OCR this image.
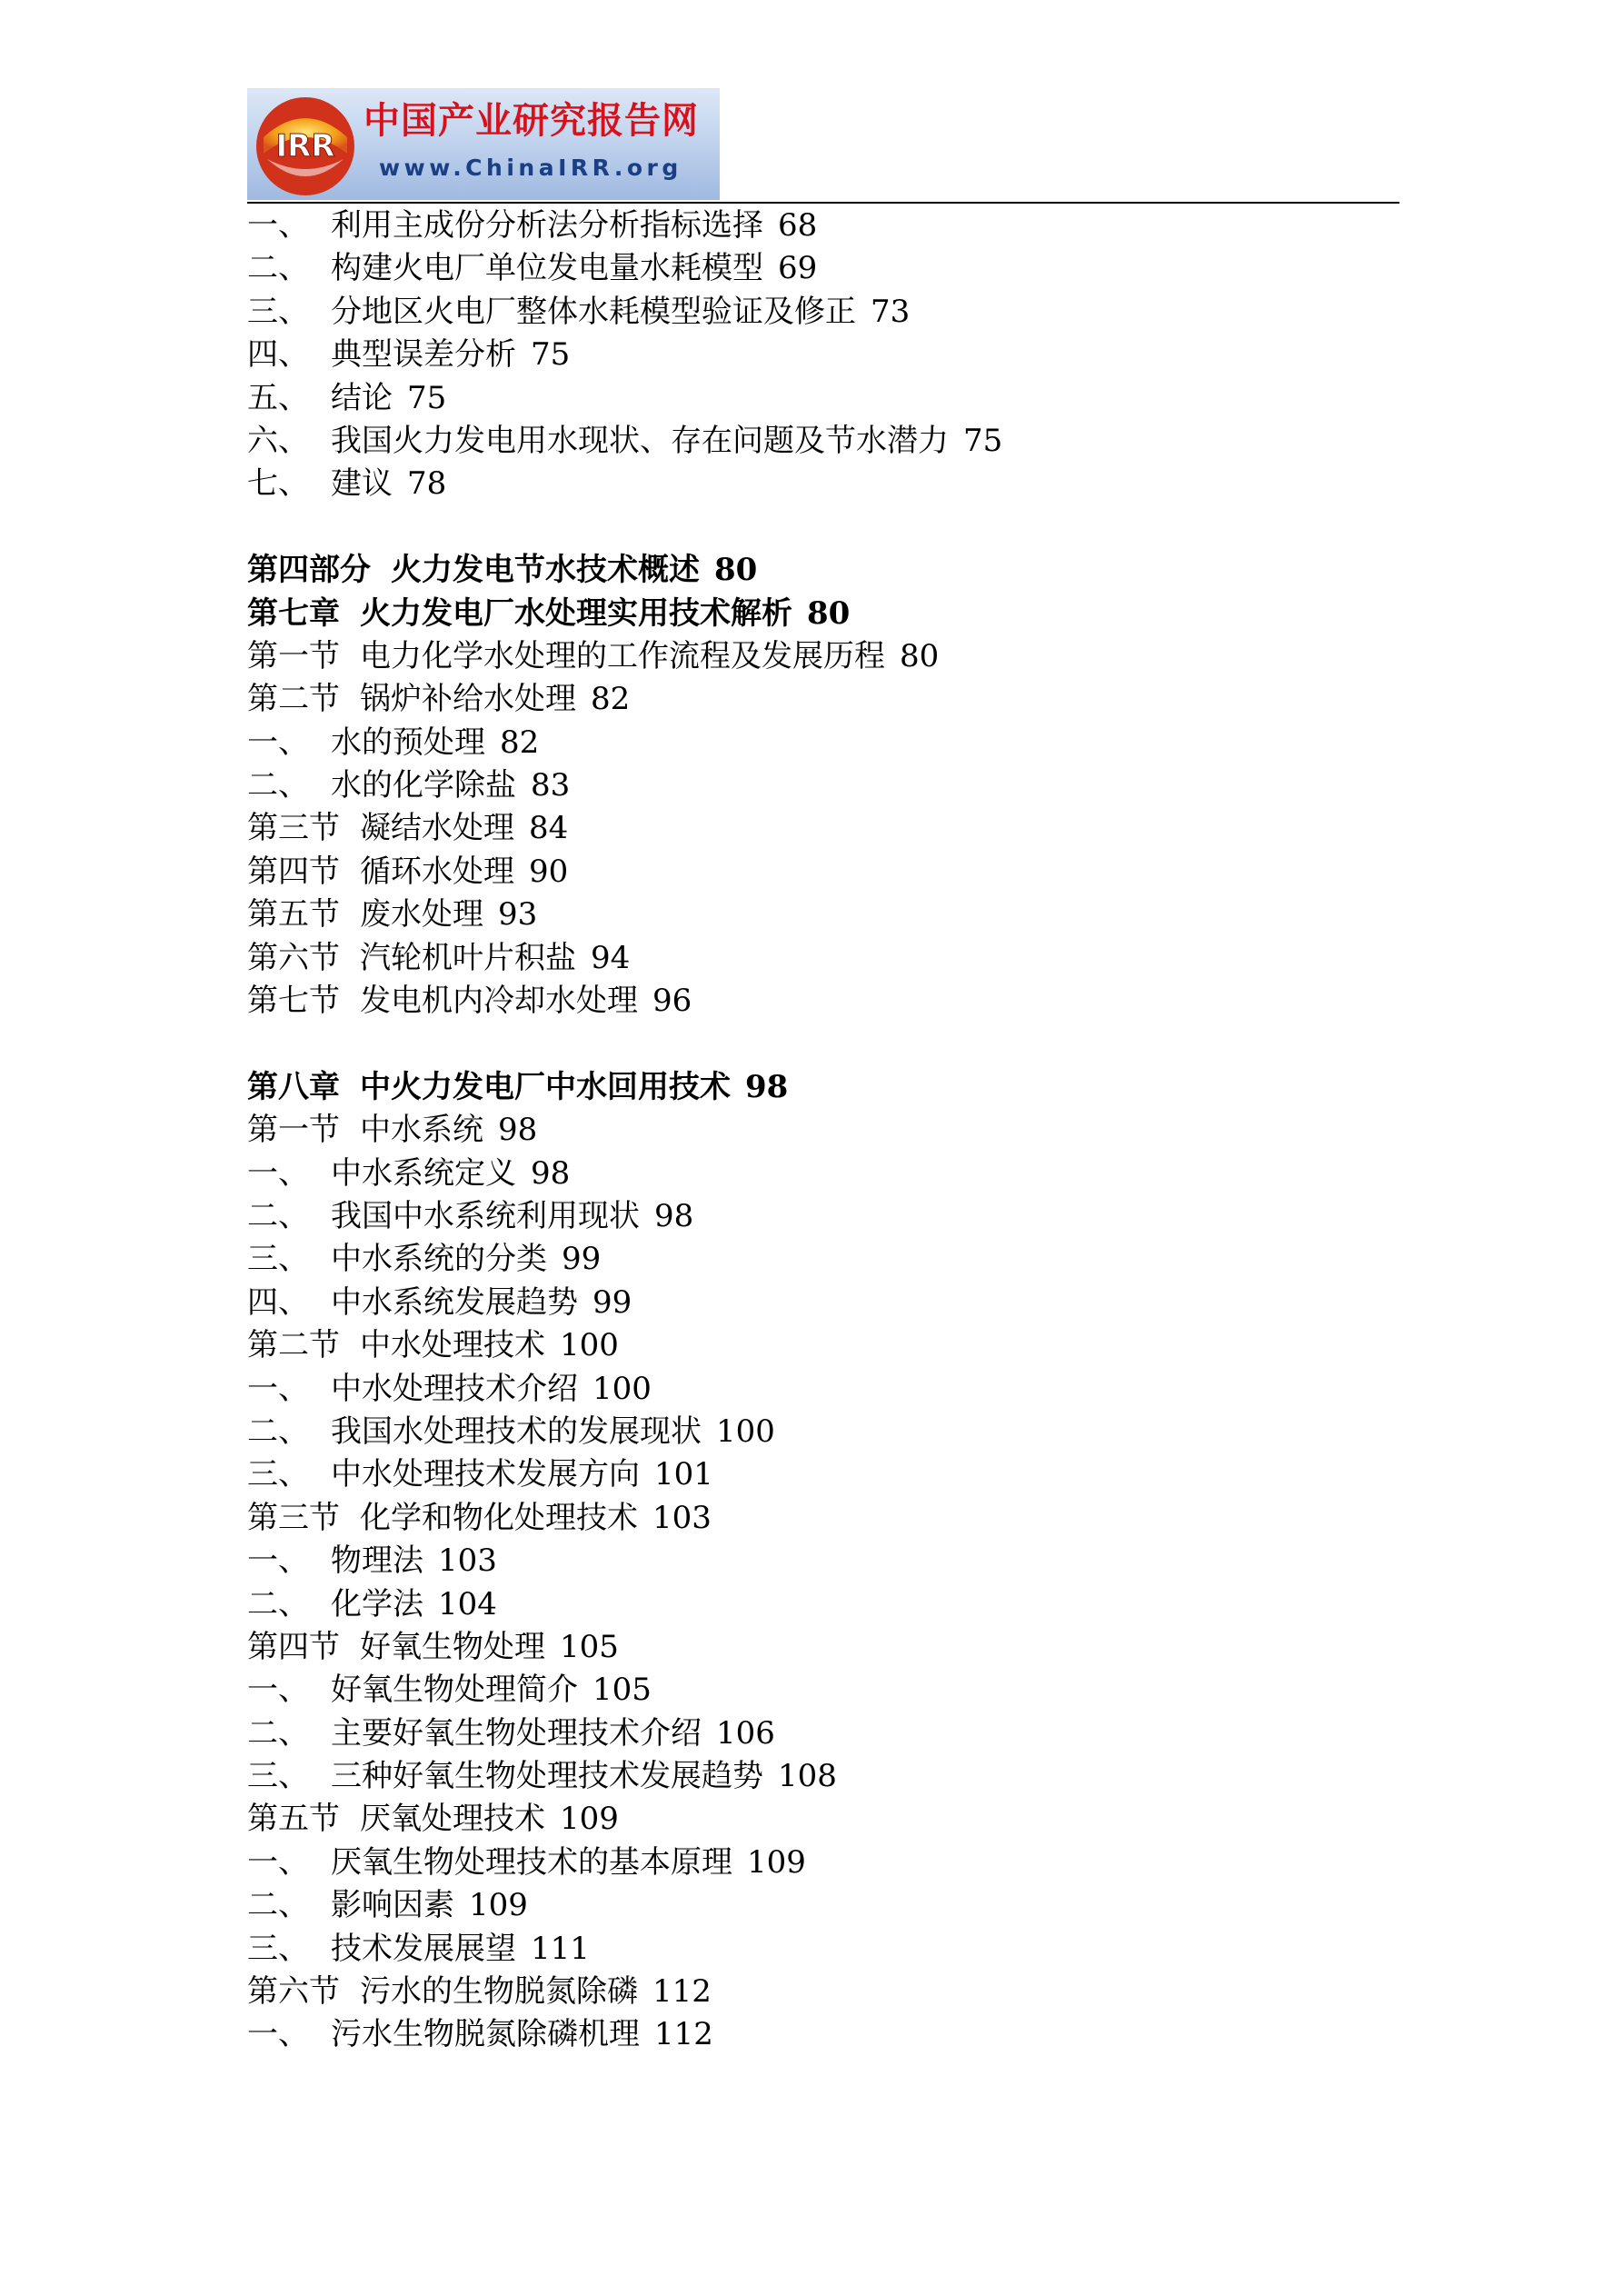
IRR
中国产业研究报告网
www.ChinaIRR.org
一、 利用主成份分析法分析指标选择 68
二、 构建火电厂单位发电量水耗模型 69
三、 分地区火电厂整体水耗模型验证及修正 73
四、 典型误差分析 75
五、 结论 75
六、 我国火力发电用水现状、存在问题及节水潜力 75
七、 建议 78
第四部分 火力发电节水技术概述 80
第七章 火力发电厂水处理实用技术解析 80
第一节 电力化学水处理的工作流程及发展历程 80
第二节 锅炉补给水处理 82
一、 水的预处理 82
二、 水的化学除盐 83
第三节 凝结水处理 84
第四节 循环水处理 90
第五节 废水处理 93
第六节 汽轮机叶片积盐 94
第七节 发电机内冷却水处理 96
第八章 中火力发电厂中水回用技术 98
第一节 中水系统 98
一、 中水系统定义 98
二、 我国中水系统利用现状 98
三、 中水系统的分类 99
四、 中水系统发展趋势 99
第二节 中水处理技术 100
一、 中水处理技术介绍 100
二、 我国水处理技术的发展现状 100
三、 中水处理技术发展方向 101
第三节 化学和物化处理技术 103
一、 物理法 103
二、 化学法 104
第四节 好氧生物处理 105
一、 好氧生物处理简介 105
二、 主要好氧生物处理技术介绍 106
三、 三种好氧生物处理技术发展趋势 108
第五节 厌氧处理技术 109
一、 厌氧生物处理技术的基本原理 109
二、 影响因素 109
三、 技术发展展望 111
第六节 污水的生物脱氮除磷 112
一、 污水生物脱氮除磷机理 112
